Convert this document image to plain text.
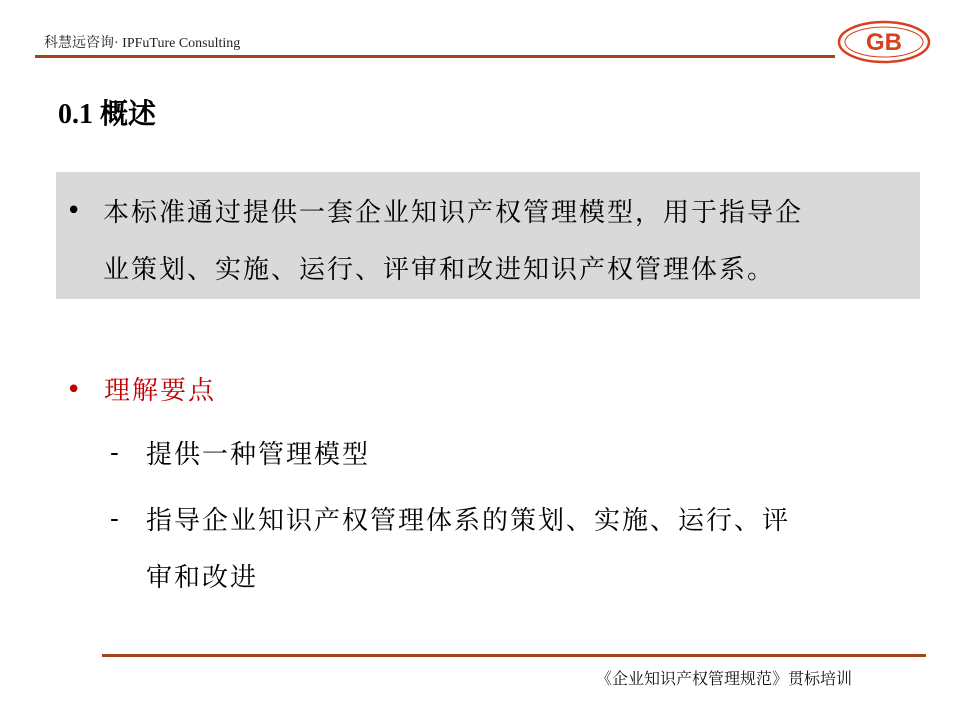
科慧远咨询· IPFuTure Consulting	GB
0.1 概述
• 本标准通过提供一套企业知识产权管理模型，用于指导企
业策划、实施、运行、评审和改进知识产权管理体系。
• 理解要点
- 提供一种管理模型
- 指导企业知识产权管理体系的策划、实施、运行、评
审和改进
《企业知识产权管理规范》贯标培训
